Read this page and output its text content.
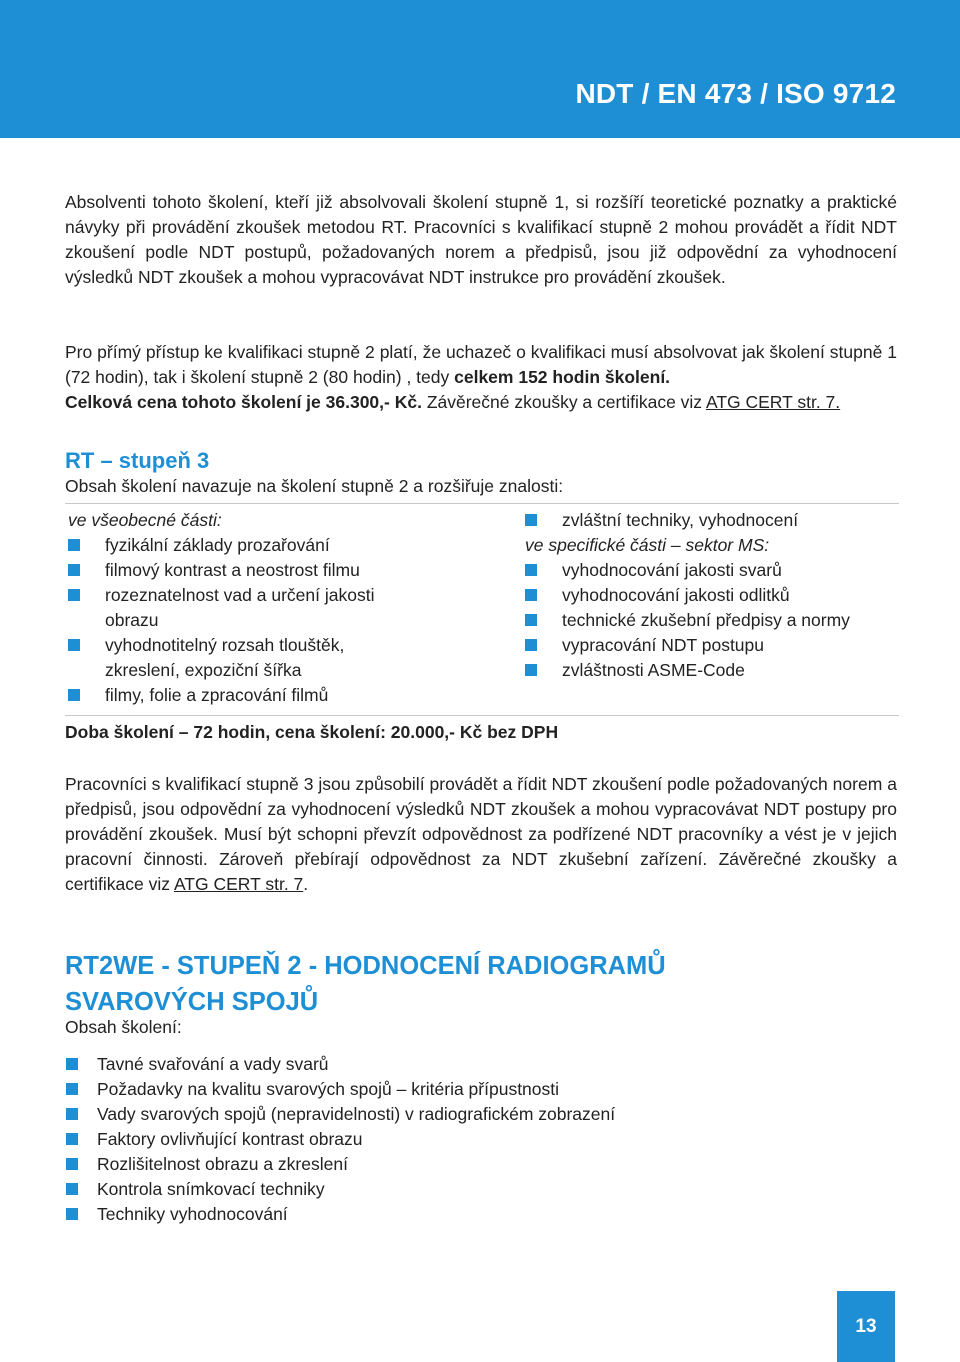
NDT / EN 473 / ISO 9712

Absolventi tohoto školení, kteří již absolvovali školení stupně 1, si rozšíří teoretické poznatky a praktické návyky při provádění zkoušek metodou RT. Pracovníci s kvalifikací stupně 2 mohou provádět a řídit NDT zkoušení podle NDT postupů, požadovaných norem a předpisů, jsou již odpovědní za vyhodnocení výsledků NDT zkoušek a mohou vypracovávat NDT instrukce pro provádění zkoušek.

Pro přímý přístup ke kvalifikaci stupně 2 platí, že uchazeč o kvalifikaci musí absolvovat jak školení stupně 1 (72 hodin), tak i školení stupně 2 (80 hodin) , tedy celkem 152 hodin školení.
Celková cena tohoto školení je 36.300,- Kč. Závěrečné zkoušky a certifikace viz ATG CERT str. 7.

RT – stupeň 3

Obsah školení navazuje na školení stupně 2 a rozšiřuje znalosti:

ve všeobecné části:

fyzikální základy prozařování
filmový kontrast a neostrost filmu
rozeznatelnost vad a určení jakosti obrazu
vyhodnotitelný rozsah tlouštěk, zkreslení, expoziční šířka
filmy, folie a zpracování filmů
zvláštní techniky, vyhodnocení

ve specifické části – sektor MS:

vyhodnocování jakosti svarů
vyhodnocování jakosti odlitků
technické zkušební předpisy a normy
vypracování NDT postupu
zvláštnosti ASME-Code

Doba školení – 72 hodin, cena školení: 20.000,- Kč bez DPH

Pracovníci s kvalifikací stupně 3 jsou způsobilí provádět a řídit NDT zkoušení podle požadovaných norem a předpisů, jsou odpovědní za vyhodnocení výsledků NDT zkoušek a mohou vypracovávat NDT postupy pro provádění zkoušek. Musí být schopni převzít odpovědnost za podřízené NDT pracovníky a vést je v jejich pracovní činnosti. Zároveň přebírají odpovědnost za NDT zkušební zařízení. Závěrečné zkoušky a certifikace viz ATG CERT str. 7.

RT2WE - STUPEŇ 2 - HODNOCENÍ RADIOGRAMŮ
SVAROVÝCH SPOJŮ

Obsah školení:

Tavné svařování a vady svarů
Požadavky na kvalitu svarových spojů – kritéria přípustnosti
Vady svarových spojů (nepravidelnosti) v radiografickém zobrazení
Faktory ovlivňující kontrast obrazu
Rozlišitelnost obrazu a zkreslení
Kontrola snímkovací techniky
Techniky vyhodnocování
13
